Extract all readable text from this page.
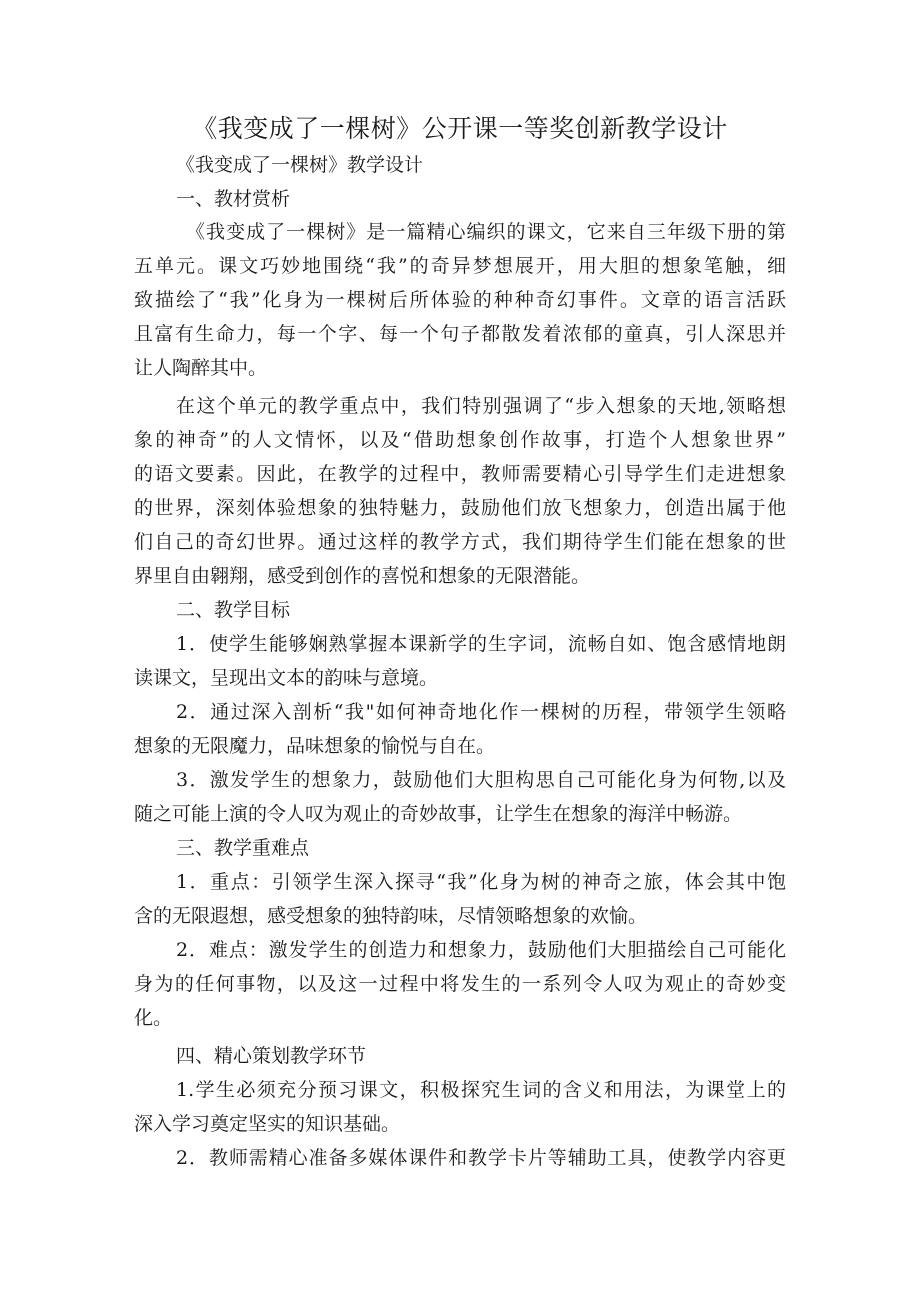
《我变成了一棵树》公开课一等奖创新教学设计
《我变成了一棵树》教学设计
一、教材赏析
《我变成了一棵树》是一篇精心编织的课文，它来自三年级下册的第
五单元。课文巧妙地围绕“我”的奇异梦想展开，用大胆的想象笔触，细
致描绘了“我”化身为一棵树后所体验的种种奇幻事件。文章的语言活跃
且富有生命力，每一个字、每一个句子都散发着浓郁的童真，引人深思并
让人陶醉其中。
在这个单元的教学重点中，我们特别强调了“步入想象的天地,领略想
象的神奇”的人文情怀，以及“借助想象创作故事，打造个人想象世界”
的语文要素。因此，在教学的过程中，教师需要精心引导学生们走进想象
的世界，深刻体验想象的独特魅力，鼓励他们放飞想象力，创造出属于他
们自己的奇幻世界。通过这样的教学方式，我们期待学生们能在想象的世
界里自由翱翔，感受到创作的喜悦和想象的无限潜能。
二、教学目标
1．使学生能够娴熟掌握本课新学的生字词，流畅自如、饱含感情地朗
读课文，呈现出文本的韵味与意境。
2．通过深入剖析“我"如何神奇地化作一棵树的历程，带领学生领略
想象的无限魔力，品味想象的愉悦与自在。
3．激发学生的想象力，鼓励他们大胆构思自己可能化身为何物,以及
随之可能上演的令人叹为观止的奇妙故事，让学生在想象的海洋中畅游。
三、教学重难点
1．重点：引领学生深入探寻“我”化身为树的神奇之旅，体会其中饱
含的无限遐想，感受想象的独特韵味，尽情领略想象的欢愉。
2．难点：激发学生的创造力和想象力，鼓励他们大胆描绘自己可能化
身为的任何事物，以及这一过程中将发生的一系列令人叹为观止的奇妙变
化。
四、精心策划教学环节
1.学生必须充分预习课文，积极探究生词的含义和用法，为课堂上的
深入学习奠定坚实的知识基础。
2．教师需精心准备多媒体课件和教学卡片等辅助工具，使教学内容更
